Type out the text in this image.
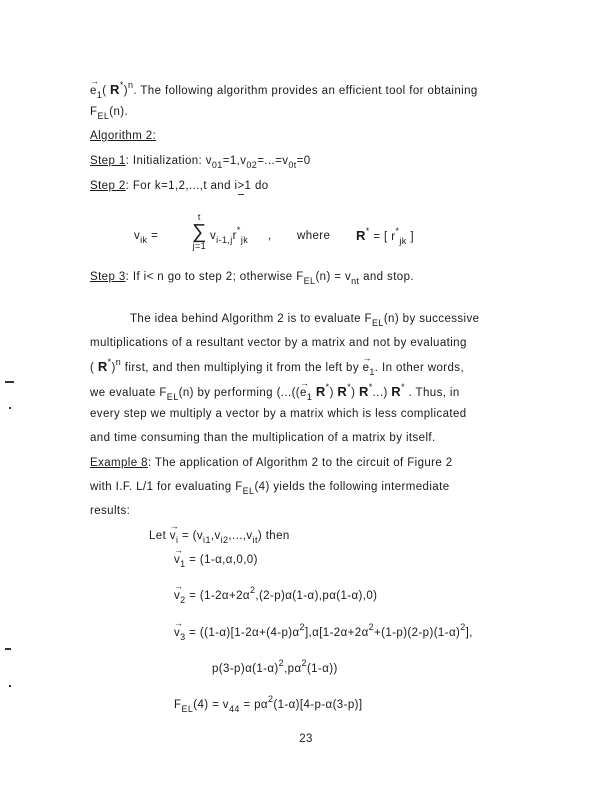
→ $e_1$( R*)$^n$. The following algorithm provides an efficient tool for obtaining
$F_{EL}(n)$.
Algorithm 2:
Step 1: Initialization: $v_{01}=1,v_{02}=...=v_{0t}=0$
Step 2: For k=1,2,...,t and i>1 do
$v_{ik}$ =
t
∑
j=1
$v_{i-1,j}r^*_{jk}$ , where R* = [ $r^*_{jk}$ ]
Step 3: If i< n go to step 2; otherwise $F_{EL}(n) = v_{nt}$ and stop.
The idea behind Algorithm 2 is to evaluate $F_{EL}(n)$ by successive
multiplications of a resultant vector by a matrix and not by evaluating
( R*)$^n$ first, and then multiplying it from the left by → $e_1$. In other words,
we evaluate $F_{EL}(n)$ by performing (...((→ $e_1$ R*) R*) R*...) R* . Thus, in
every step we multiply a vector by a matrix which is less complicated
and time consuming than the multiplication of a matrix by itself.
Example 8: The application of Algorithm 2 to the circuit of Figure 2
with I.F. L/1 for evaluating $F_{EL}(4)$ yields the following intermediate
results:
Let → $v_i = (v_{i1},v_{i2},...,v_{it})$ then
→ $v_1 = (1-\alpha,\alpha,0,0)$
→ $v_2 = (1-2\alpha+2\alpha^2,(2-p)\alpha(1-\alpha),p\alpha(1-\alpha),0)$
→ $v_3 = ((1-\alpha)[1-2\alpha+(4-p)\alpha^2],\alpha[1-2\alpha+2\alpha^2+(1-p)(2-p)(1-\alpha)^2]$,
$p(3-p)\alpha(1-\alpha)^2,p\alpha^2(1-\alpha)$)
$F_{EL}(4) = v_{44} = p\alpha^2(1-\alpha)[4-p-\alpha(3-p)]$
23
